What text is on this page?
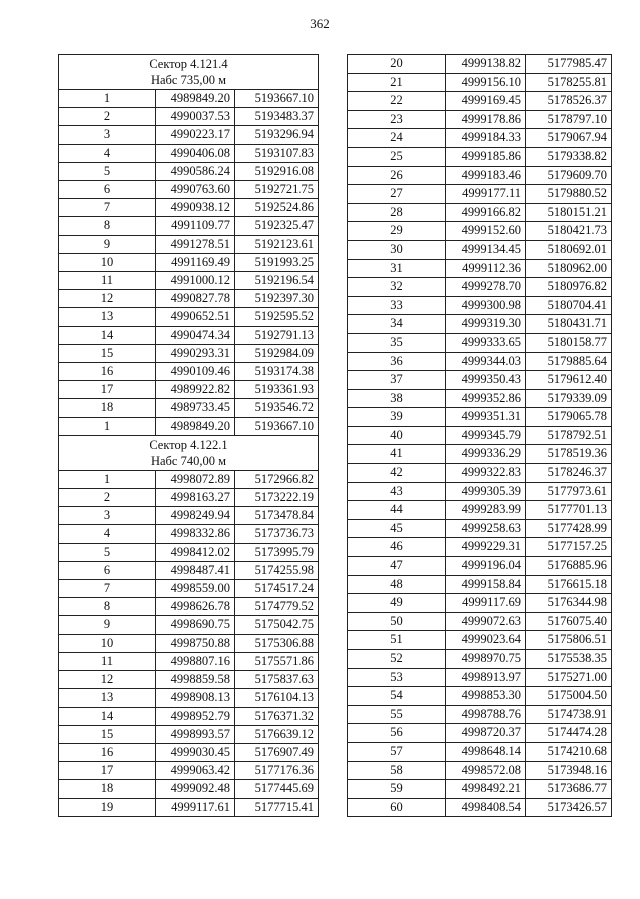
362
Сектор 4.121.4
Набс 735,00 м		

1	4989849.20	5193667.10
2	4990037.53	5193483.37
3	4990223.17	5193296.94
4	4990406.08	5193107.83
5	4990586.24	5192916.08
6	4990763.60	5192721.75
7	4990938.12	5192524.86
8	4991109.77	5192325.47
9	4991278.51	5192123.61
10	4991169.49	5191993.25
11	4991000.12	5192196.54
12	4990827.78	5192397.30
13	4990652.51	5192595.52
14	4990474.34	5192791.13
15	4990293.31	5192984.09
16	4990109.46	5193174.38
17	4989922.82	5193361.93
18	4989733.45	5193546.72
1	4989849.20	5193667.10

Сектор 4.122.1
Набс 740,00 м		

1	4998072.89	5172966.82
2	4998163.27	5173222.19
3	4998249.94	5173478.84
4	4998332.86	5173736.73
5	4998412.02	5173995.79
6	4998487.41	5174255.98
7	4998559.00	5174517.24
8	4998626.78	5174779.52
9	4998690.75	5175042.75
10	4998750.88	5175306.88
11	4998807.16	5175571.86
12	4998859.58	5175837.63
13	4998908.13	5176104.13
14	4998952.79	5176371.32
15	4998993.57	5176639.12
16	4999030.45	5176907.49
17	4999063.42	5177176.36
18	4999092.48	5177445.69
19	4999117.61	5177715.41
20	4999138.82	5177985.47
21	4999156.10	5178255.81
22	4999169.45	5178526.37
23	4999178.86	5178797.10
24	4999184.33	5179067.94
25	4999185.86	5179338.82
26	4999183.46	5179609.70
27	4999177.11	5179880.52
28	4999166.82	5180151.21
29	4999152.60	5180421.73
30	4999134.45	5180692.01
31	4999112.36	5180962.00
32	4999278.70	5180976.82
33	4999300.98	5180704.41
34	4999319.30	5180431.71
35	4999333.65	5180158.77
36	4999344.03	5179885.64
37	4999350.43	5179612.40
38	4999352.86	5179339.09
39	4999351.31	5179065.78
40	4999345.79	5178792.51
41	4999336.29	5178519.36
42	4999322.83	5178246.37
43	4999305.39	5177973.61
44	4999283.99	5177701.13
45	4999258.63	5177428.99
46	4999229.31	5177157.25
47	4999196.04	5176885.96
48	4999158.84	5176615.18
49	4999117.69	5176344.98
50	4999072.63	5176075.40
51	4999023.64	5175806.51
52	4998970.75	5175538.35
53	4998913.97	5175271.00
54	4998853.30	5175004.50
55	4998788.76	5174738.91
56	4998720.37	5174474.28
57	4998648.14	5174210.68
58	4998572.08	5173948.16
59	4998492.21	5173686.77
60	4998408.54	5173426.57
